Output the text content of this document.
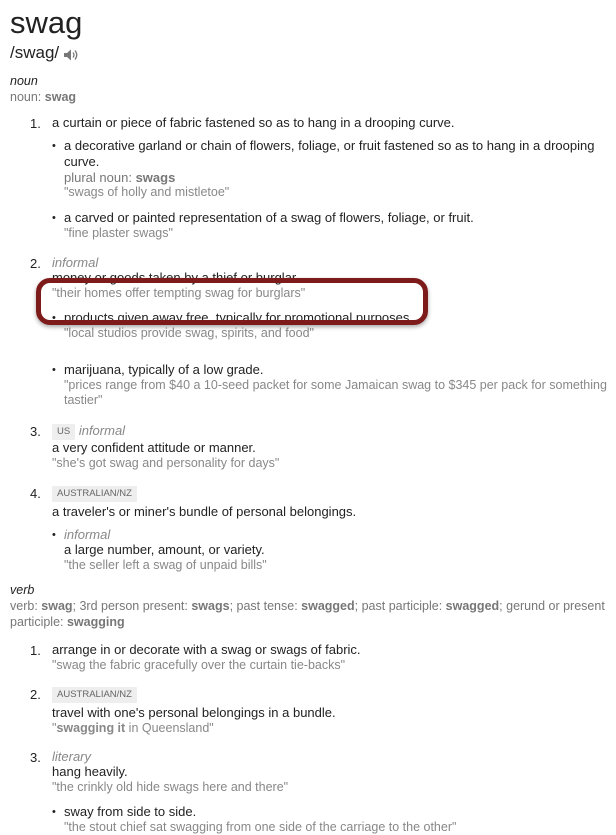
swag
/swag/
noun
noun: swag
1. a curtain or piece of fabric fastened so as to hang in a drooping curve.
• a decorative garland or chain of flowers, foliage, or fruit fastened so as to hang in a drooping curve.
plural noun: swags
"swags of holly and mistletoe"
• a carved or painted representation of a swag of flowers, foliage, or fruit.
"fine plaster swags"
2. informal
money or goods taken by a thief or burglar.
"their homes offer tempting swag for burglars"
• products given away free, typically for promotional purposes.
"local studios provide swag, spirits, and food"
• marijuana, typically of a low grade.
"prices range from $40 a 10-seed packet for some Jamaican swag to $345 per pack for something tastier"
3.	US informal
a very confident attitude or manner.
"she's got swag and personality for days"
4.	AUSTRALIAN/NZ
a traveler's or miner's bundle of personal belongings.
• informal
a large number, amount, or variety.
"the seller left a swag of unpaid bills"
verb
verb: swag; 3rd person present: swags; past tense: swagged; past participle: swagged; gerund or present participle: swagging
1. arrange in or decorate with a swag or swags of fabric.
"swag the fabric gracefully over the curtain tie-backs"
2.	AUSTRALIAN/NZ
travel with one's personal belongings in a bundle.
"swagging it in Queensland"
3. literary
hang heavily.
"the crinkly old hide swags here and there"
• sway from side to side.
"the stout chief sat swagging from one side of the carriage to the other"
